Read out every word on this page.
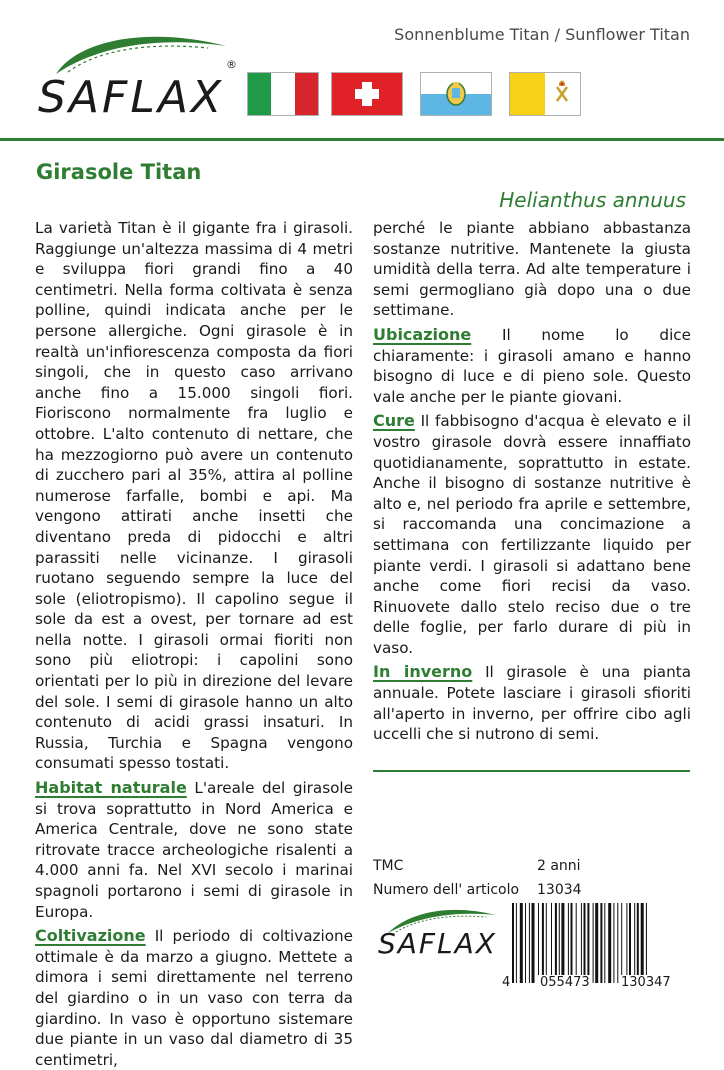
SAFLAX
®
Sonnenblume Titan / Sunflower Titan
Girasole Titan
Helianthus annuus

La varietà Titan è il gigante fra i girasoli. Raggiunge un'altezza massima di 4 metri e sviluppa fiori grandi fino a 40 centimetri. Nella forma coltivata è senza polline, quindi indicata anche per le persone allergiche. Ogni girasole è in realtà un'infiorescenza composta da fiori singoli, che in questo caso arrivano anche fino a 15.000 singoli fiori. Fioriscono normalmente fra luglio e ottobre. L'alto contenuto di nettare, che ha mezzogiorno può avere un contenuto di zucchero pari al 35%, attira al polline numerose farfalle, bombi e api. Ma vengono attirati anche insetti che diventano preda di pidocchi e altri parassiti nelle vicinanze. I girasoli ruotano seguendo sempre la luce del sole (eliotropismo). Il capolino segue il sole da est a ovest, per tornare ad est nella notte. I girasoli ormai fioriti non sono più eliotropi: i capolini sono orientati per lo più in direzione del levare del sole. I semi di girasole hanno un alto contenuto di acidi grassi insaturi. In Russia, Turchia e Spagna vengono consumati spesso tostati.

Habitat naturale L'areale del girasole si trova soprattutto in Nord America e America Centrale, dove ne sono state ritrovate tracce archeologiche risalenti a 4.000 anni fa. Nel XVI secolo i marinai spagnoli portarono i semi di girasole in Europa.

Coltivazione Il periodo di coltivazione ottimale è da marzo a giugno. Mettete a dimora i semi direttamente nel terreno del giardino o in un vaso con terra da giardino. In vaso è opportuno sistemare due piante in un vaso dal diametro di 35 centimetri,

perché le piante abbiano abbastanza sostanze nutritive. Mantenete la giusta umidità della terra. Ad alte temperature i semi germogliano già dopo una o due settimane.

Ubicazione Il nome lo dice chiaramente: i girasoli amano e hanno bisogno di luce e di pieno sole. Questo vale anche per le piante giovani.

Cure Il fabbisogno d'acqua è elevato e il vostro girasole dovrà essere innaffiato quotidianamente, soprattutto in estate. Anche il bisogno di sostanze nutritive è alto e, nel periodo fra aprile e settembre, si raccomanda una concimazione a settimana con fertilizzante liquido per piante verdi. I girasoli si adattano bene anche come fiori recisi da vaso. Rinuovete dallo stelo reciso due o tre delle foglie, per farlo durare di più in vaso.

In inverno Il girasole è una pianta annuale. Potete lasciare i girasoli sfioriti all'aperto in inverno, per offrire cibo agli uccelli che si nutrono di semi.

TMC	2 anni
Numero dell' articolo 13034
SAFLAX
4 055473 130347
